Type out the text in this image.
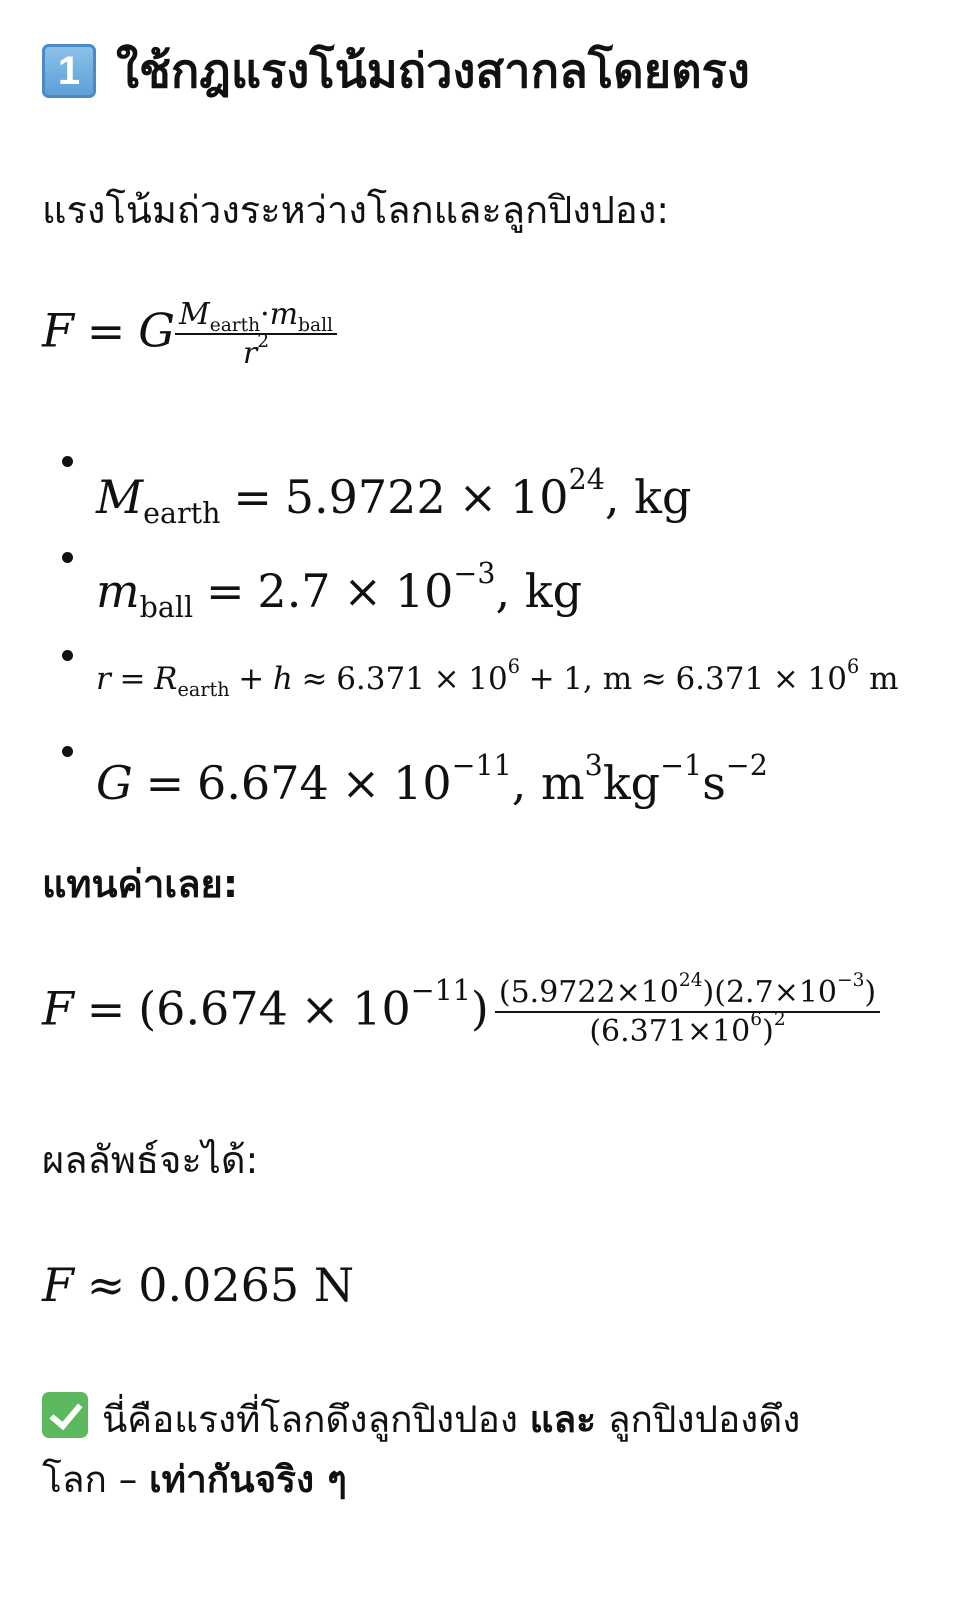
1 ใช้กฎแรงโน้มถ่วงสากลโดยตรง
แรงโน้มถ่วงระหว่างโลกและลูกปิงปอง:
F = G $\frac{M_{earth}\cdot m_{ball}}{r^2}$
$M_{earth} = 5.9722 \times 10^{24}$, kg
$m_{ball} = 2.7 \times 10^{-3}$, kg
$r = R_{earth} + h \approx 6.371 \times 10^6 + 1$, $m \approx 6.371 \times 10^6$ m
$G = 6.674 \times 10^{-11}$, $m^3kg^{-1}s^{-2}$
แทนค่าเลย:
$F = (6.674 \times 10^{-11}) \frac{(5.9722\times 10^{24})(2.7\times 10^{-3})}{(6.371\times 10^6)^2}$
ผลลัพธ์จะได้:
F ≈ 0.0265 N
นี่คือแรงที่โลกดึงลูกปิงปอง และ ลูกปิงปองดึง
โลก – เท่ากันจริง ๆ
